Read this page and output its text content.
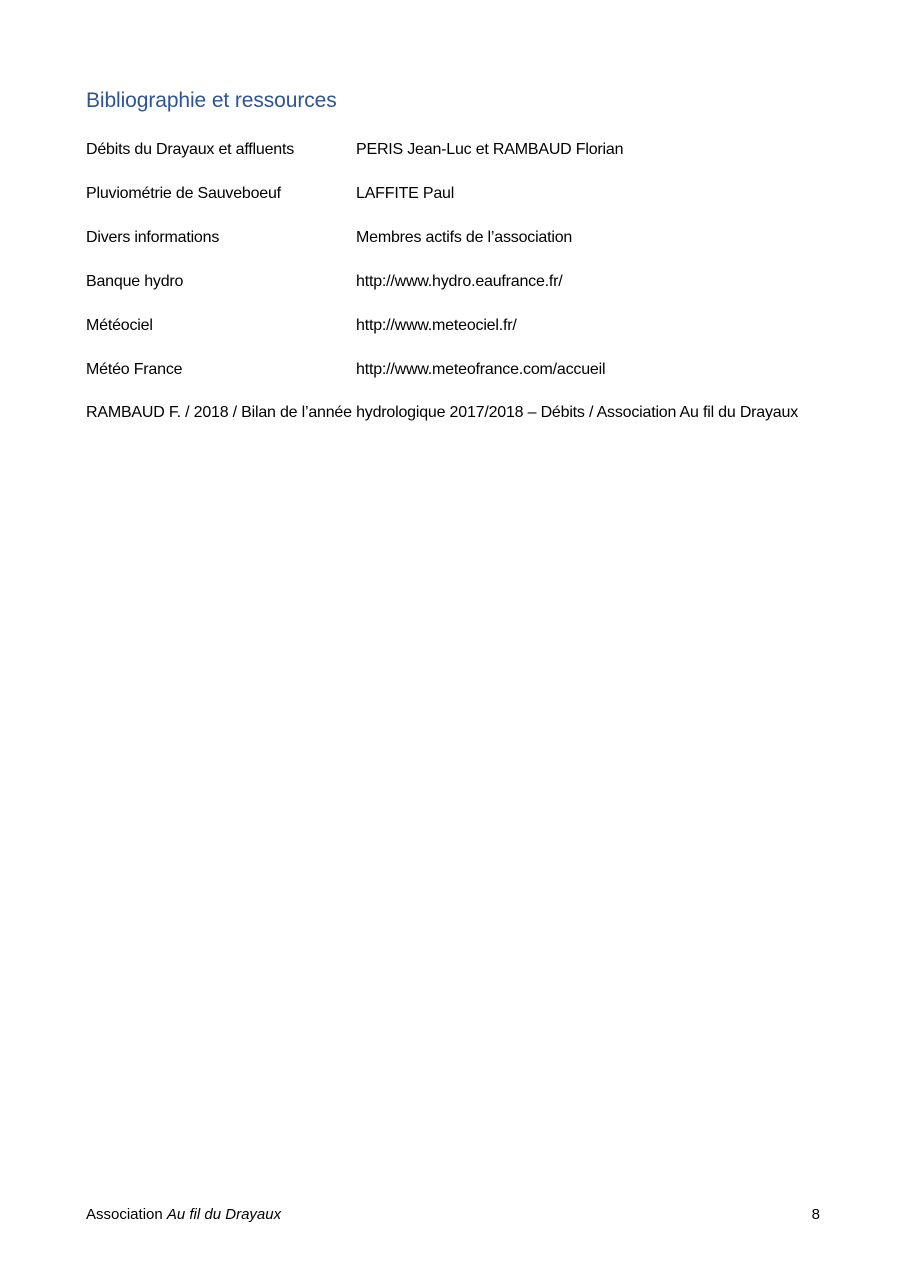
Bibliographie et ressources
Débits du Drayaux et affluents	PERIS Jean-Luc et RAMBAUD Florian
Pluviométrie de Sauveboeuf	LAFFITE Paul
Divers informations	Membres actifs de l’association
Banque hydro	http://www.hydro.eaufrance.fr/
Météociel	http://www.meteociel.fr/
Météo France	http://www.meteofrance.com/accueil

RAMBAUD F. / 2018 / Bilan de l’année hydrologique 2017/2018 – Débits / Association Au fil du Drayaux

Association Au fil du Drayaux	8
